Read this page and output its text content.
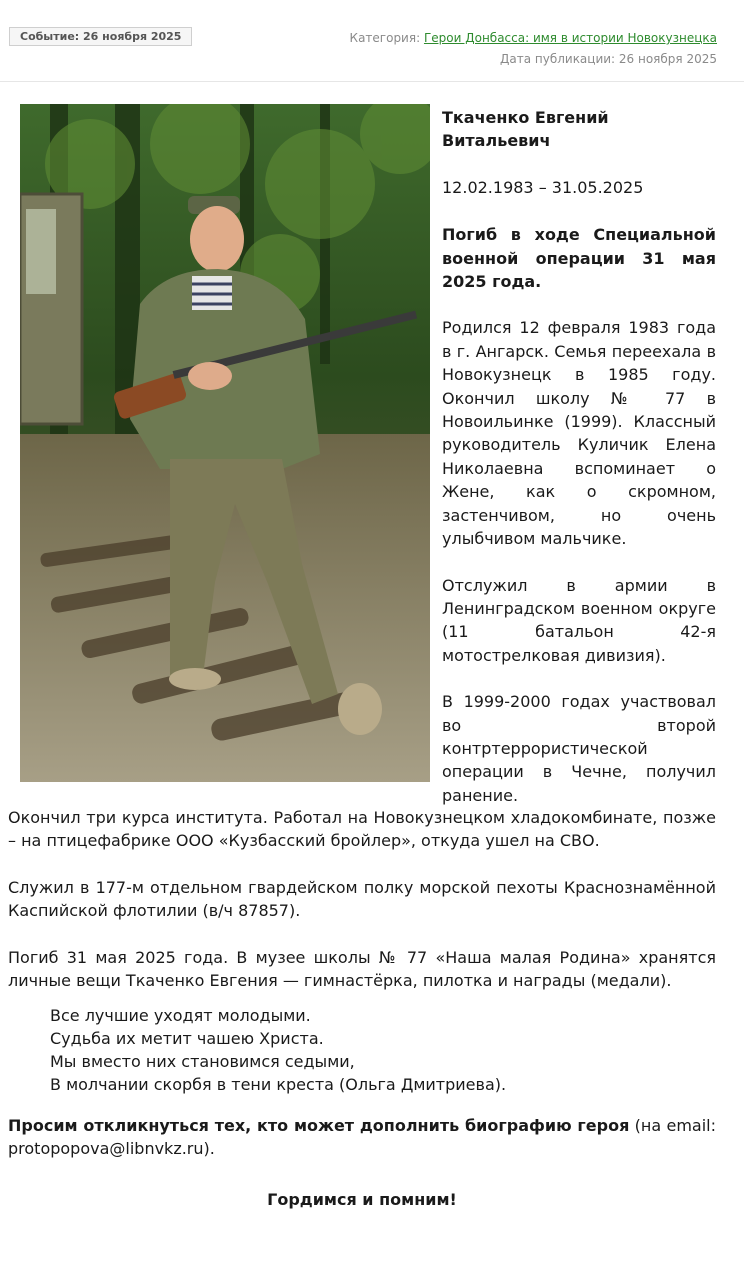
Событие: 26 ноября 2025	Категория: Герои Донбасса: имя в истории Новокузнецка
Дата публикации: 26 ноября 2025

Ткаченко Евгений Витальевич

12.02.1983 – 31.05.2025

Погиб в ходе Специальной военной операции 31 мая 2025 года.

Родился 12 февраля 1983 года в г. Ангарск. Семья переехала в Новокузнецк в 1985 году. Окончил школу № 77 в Новоильинке (1999). Классный руководитель Куличик Елена Николаевна вспоминает о Жене, как о скромном, застенчивом, но очень улыбчивом мальчике.

Отслужил в армии в Ленинградском военном округе (11 батальон 42-я мотострелковая дивизия).

В 1999-2000 годах участвовал во второй контртеррористической операции в Чечне, получил ранение.

Окончил три курса института. Работал на Новокузнецком хладокомбинате, позже – на птицефабрике ООО «Кузбасский бройлер», откуда ушел на СВО.

Служил в 177-м отдельном гвардейском полку морской пехоты Краснознамённой Каспийской флотилии (в/ч 87857).

Погиб 31 мая 2025 года. В музее школы № 77 «Наша малая Родина» хранятся личные вещи Ткаченко Евгения — гимнастёрка, пилотка и награды (медали).

Все лучшие уходят молодыми.

Судьба их метит чашею Христа.

Мы вместо них становимся седыми,

В молчании скорбя в тени креста (Ольга Дмитриева).

Просим откликнуться тех, кто может дополнить биографию героя (на email: protopopova@libnvkz.ru).

Гордимся и помним!
